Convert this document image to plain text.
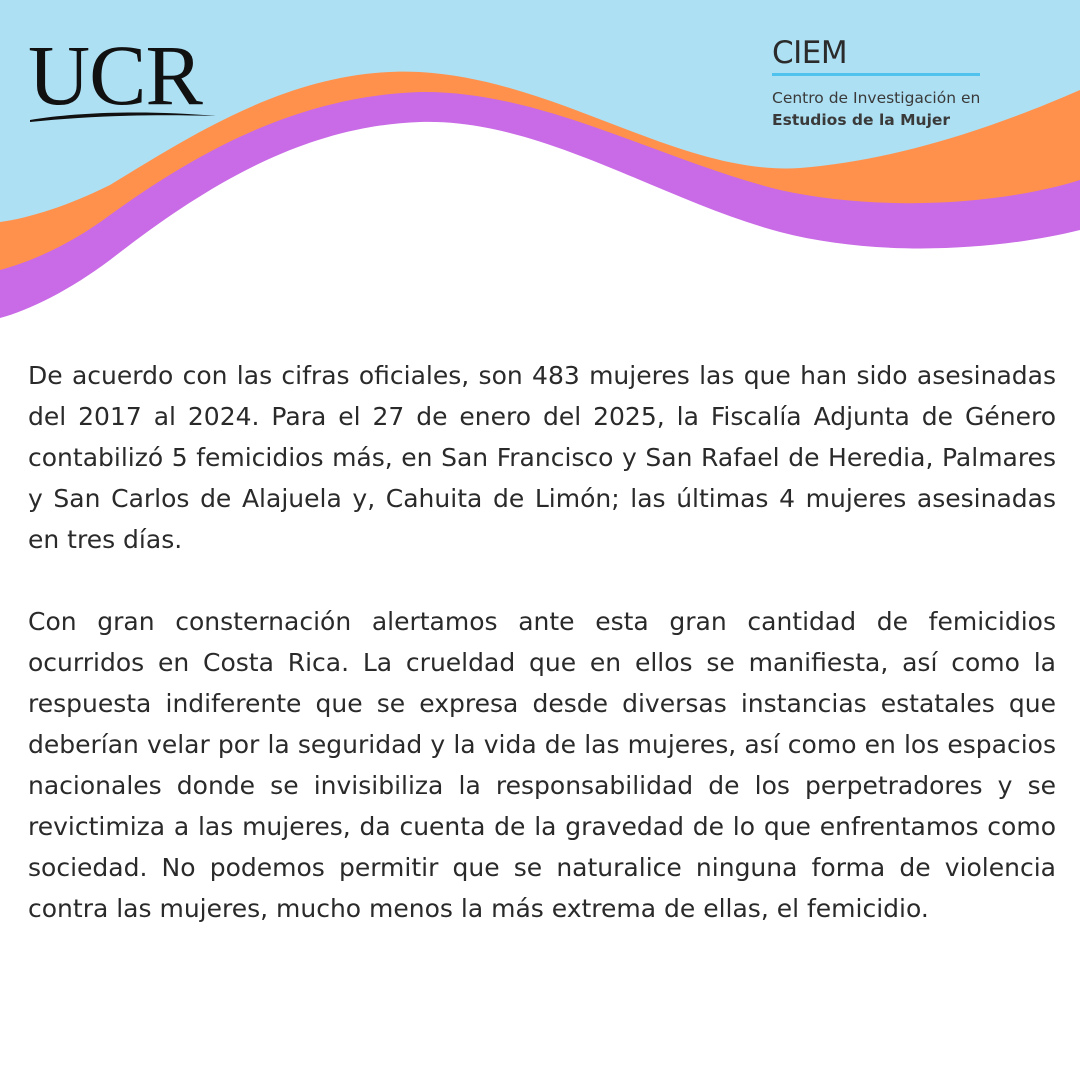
UCR	CIEM
Centro de Investigación en
Estudios de la Mujer

De acuerdo con las cifras oficiales, son 483 mujeres las que han sido asesinadas del 2017 al 2024. Para el 27 de enero del 2025, la Fiscalía Adjunta de Género contabilizó 5 femicidios más, en San Francisco y San Rafael de Heredia, Palmares y San Carlos de Alajuela y, Cahuita de Limón; las últimas 4 mujeres asesinadas en tres días.

Con gran consternación alertamos ante esta gran cantidad de femicidios ocurridos en Costa Rica. La crueldad que en ellos se manifiesta, así como la respuesta indiferente que se expresa desde diversas instancias estatales que deberían velar por la seguridad y la vida de las mujeres, así como en los espacios nacionales donde se invisibiliza la responsabilidad de los perpetradores y se revictimiza a las mujeres, da cuenta de la gravedad de lo que enfrentamos como sociedad. No podemos permitir que se naturalice ninguna forma de violencia contra las mujeres, mucho menos la más extrema de ellas, el femicidio.
